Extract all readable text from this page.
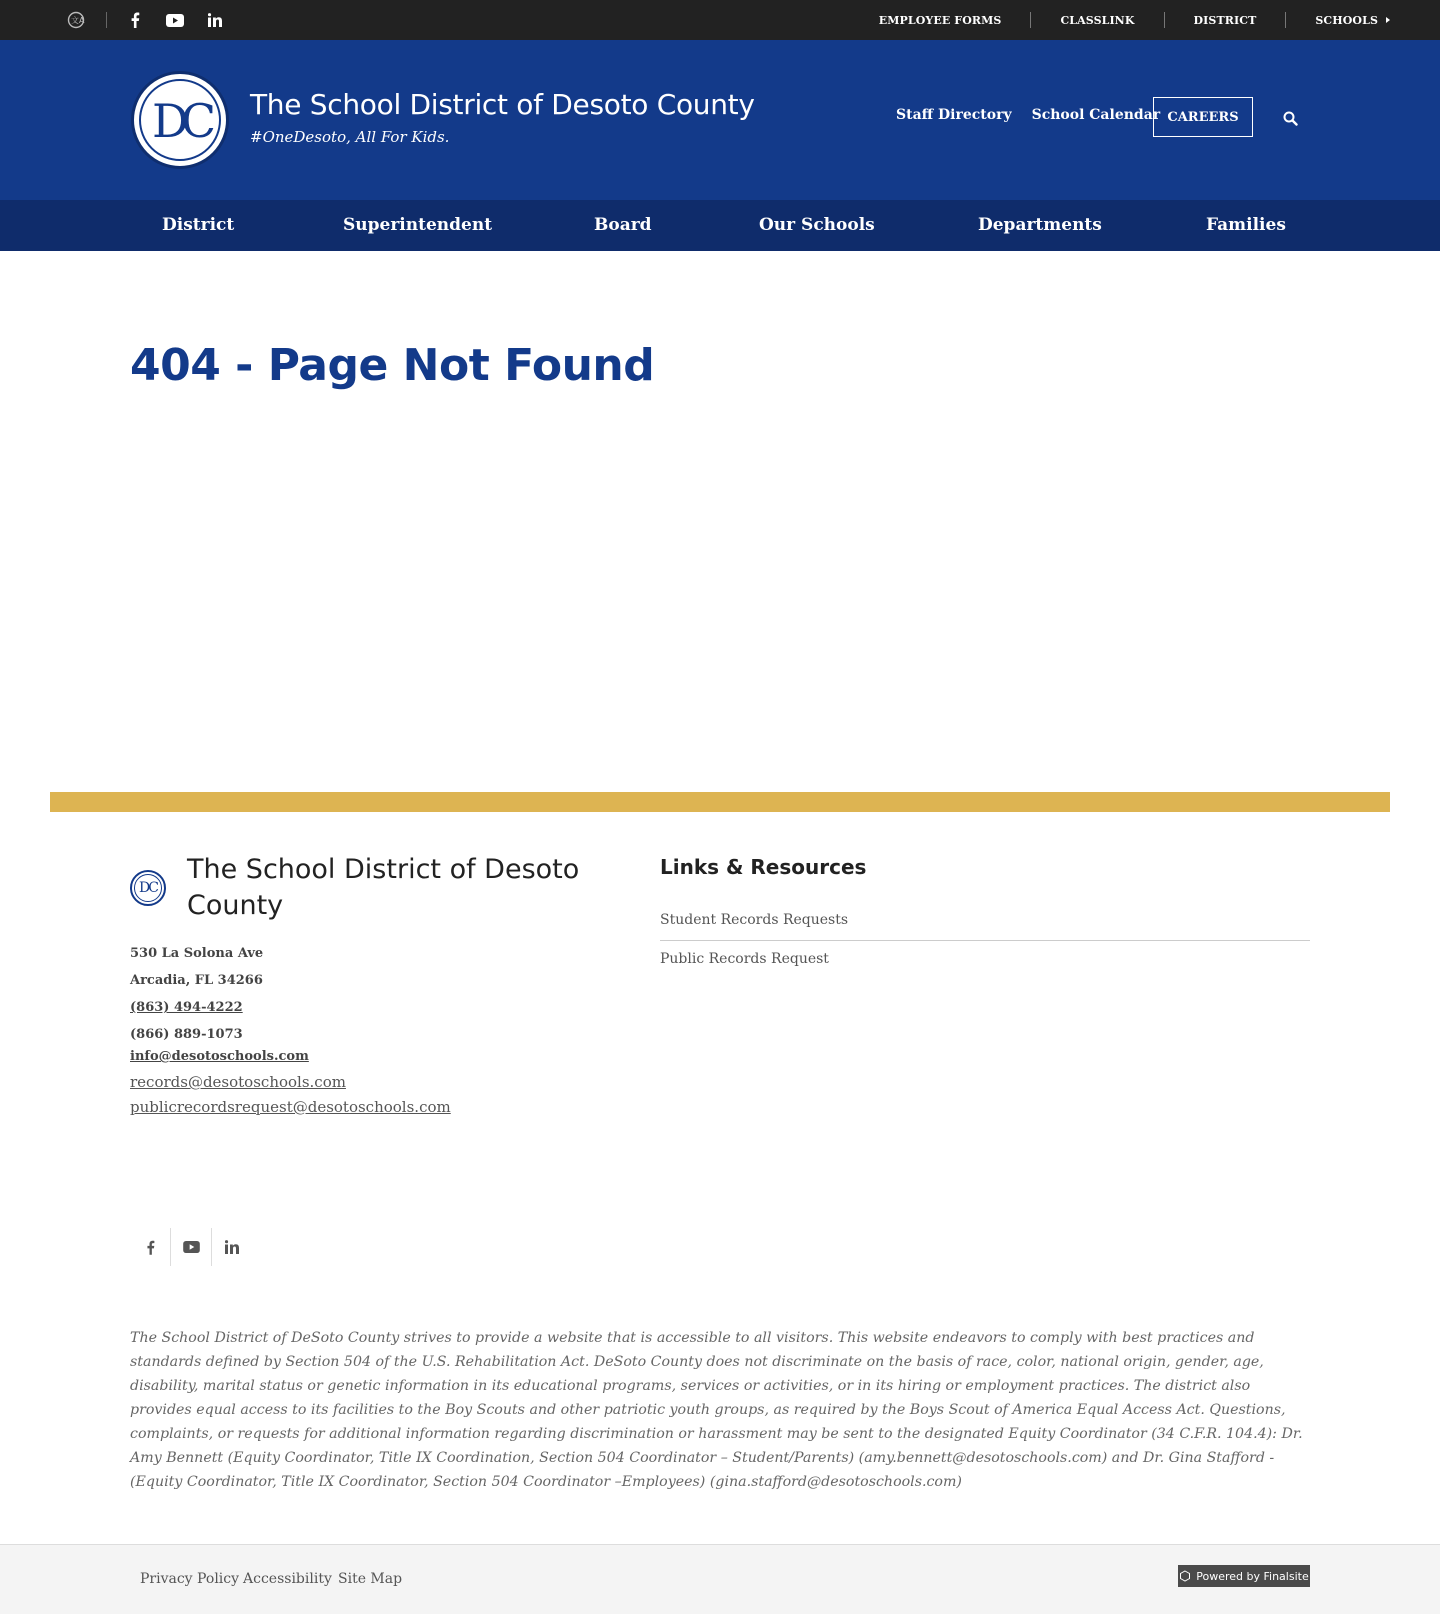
文A	EMPLOYEE FORMS	CLASSLINK	DISTRICT	SCHOOLS
DC	The School District of Desoto County
#OneDesoto, All For Kids.
Staff Directory School Calendar CAREERS
District	Superintendent	Board	Our Schools	Departments	Families
404 - Page Not Found
DC
The School District of Desoto County
530 La Solona Ave
Arcadia, FL 34266
(863) 494-4222
(866) 889-1073
info@desotoschools.com
records@desotoschools.com
publicrecordsrequest@desotoschools.com
Links & Resources
Student Records Requests
Public Records Request

The School District of DeSoto County strives to provide a website that is accessible to all visitors. This website endeavors to comply with best practices and standards defined by Section 504 of the U.S. Rehabilitation Act. DeSoto County does not discriminate on the basis of race, color, national origin, gender, age, disability, marital status or genetic information in its educational programs, services or activities, or in its hiring or employment practices. The district also provides equal access to its facilities to the Boy Scouts and other patriotic youth groups, as required by the Boys Scout of America Equal Access Act. Questions, complaints, or requests for additional information regarding discrimination or harassment may be sent to the designated Equity Coordinator (34 C.F.R. 104.4): Dr. Amy Bennett (Equity Coordinator, Title IX Coordination, Section 504 Coordinator – Student/Parents) (amy.bennett@desotoschools.com) and Dr. Gina Stafford - (Equity Coordinator, Title IX Coordinator, Section 504 Coordinator –Employees) (gina.stafford@desotoschools.com)

Privacy Policy Accessibility Site Map	Powered by Finalsite
